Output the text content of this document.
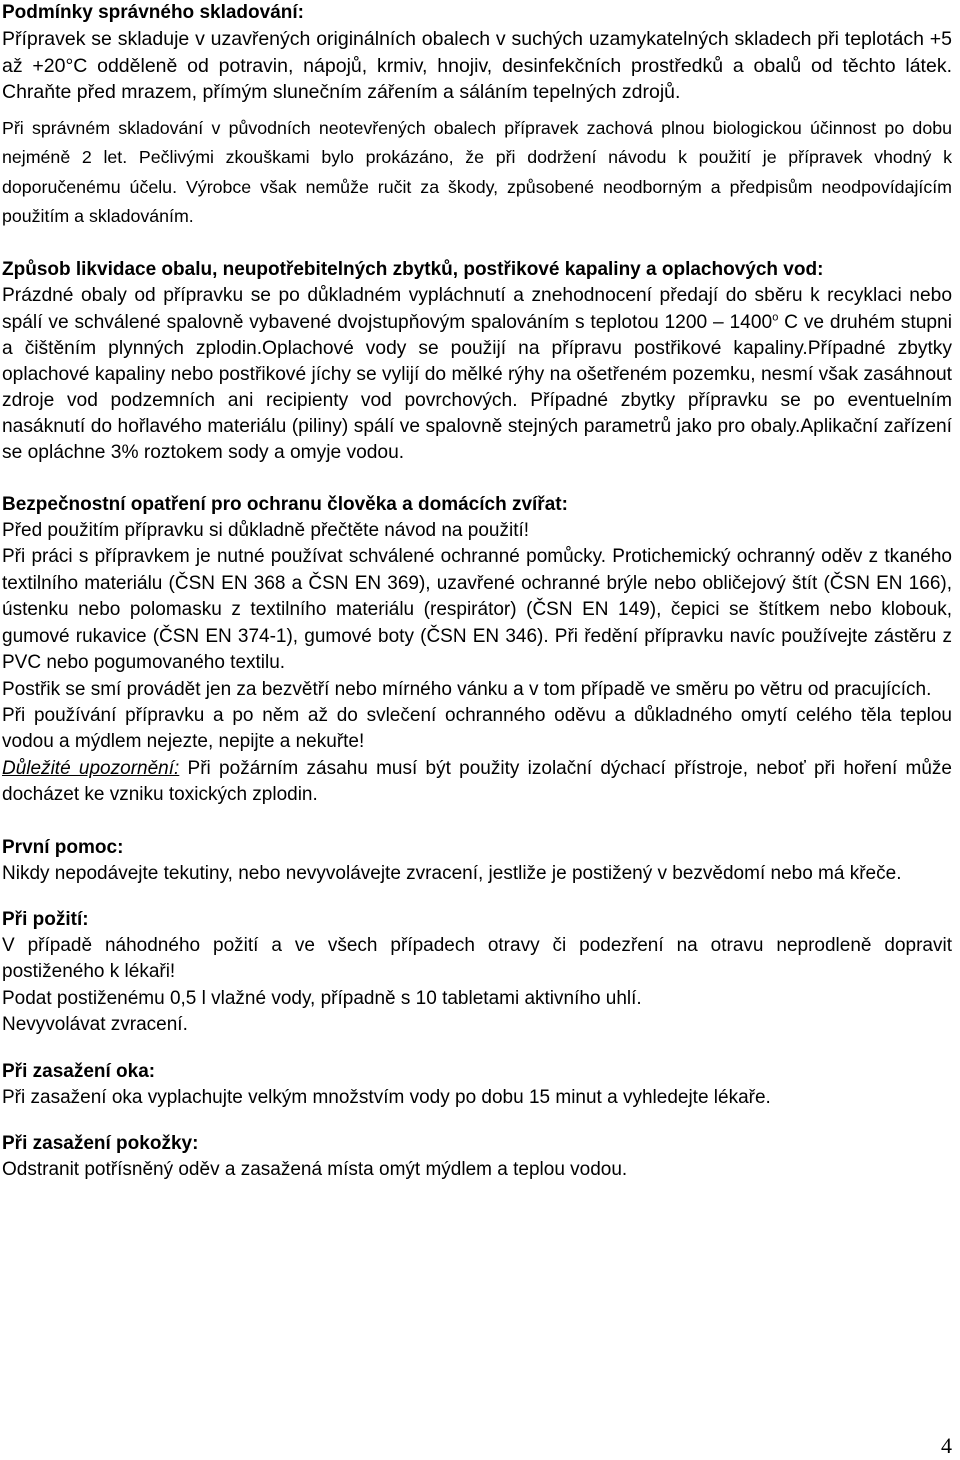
Podmínky správného skladování:

Přípravek se skladuje v uzavřených originálních obalech v suchých uzamykatelných skladech při teplotách +5 až +20°C odděleně od potravin, nápojů, krmiv, hnojiv, desinfekčních prostředků a obalů od těchto látek. Chraňte před mrazem, přímým slunečním zářením a sáláním tepelných zdrojů.

Při správném skladování v původních neotevřených obalech přípravek zachová plnou biologickou účinnost po dobu nejméně 2 let. Pečlivými zkouškami bylo prokázáno, že při dodržení návodu k použití je přípravek vhodný k doporučenému účelu. Výrobce však nemůže ručit za škody, způsobené neodborným a předpisům neodpovídajícím použitím a skladováním.

Způsob likvidace obalu, neupotřebitelných zbytků, postřikové kapaliny a oplachových vod:

Prázdné obaly od přípravku se po důkladném vypláchnutí a znehodnocení předají do sběru k recyklaci nebo spálí ve schválené spalovně vybavené dvojstupňovým spalováním s teplotou 1200 – 1400$^o$ C ve druhém stupni a čištěním plynných zplodin.Oplachové vody se použijí na přípravu postřikové kapaliny.Případné zbytky oplachové kapaliny nebo postřikové jíchy se vylijí do mělké rýhy na ošetřeném pozemku, nesmí však zasáhnout zdroje vod podzemních ani recipienty vod povrchových. Případné zbytky přípravku se po eventuelním nasáknutí do hořlavého materiálu (piliny) spálí ve spalovně stejných parametrů jako pro obaly.Aplikační zařízení se opláchne 3% roztokem sody a omyje vodou.

Bezpečnostní opatření pro ochranu člověka a domácích zvířat:

Před použitím přípravku si důkladně přečtěte návod na použití!

Při práci s přípravkem je nutné používat schválené ochranné pomůcky. Protichemický ochranný oděv z tkaného textilního materiálu (ČSN EN 368 a ČSN EN 369), uzavřené ochranné brýle nebo obličejový štít (ČSN EN 166), ústenku nebo polomasku z textilního materiálu (respirátor) (ČSN EN 149), čepici se štítkem nebo klobouk, gumové rukavice (ČSN EN 374-1), gumové boty (ČSN EN 346). Při ředění přípravku navíc používejte zástěru z PVC nebo pogumovaného textilu.

Postřik se smí provádět jen za bezvětří nebo mírného vánku a v tom případě ve směru po větru od pracujících.

Při používání přípravku a po něm až do svlečení ochranného oděvu a důkladného omytí celého těla teplou vodou a mýdlem nejezte, nepijte a nekuřte!

Důležité upozornění: Při požárním zásahu musí být použity izolační dýchací přístroje, neboť při hoření může docházet ke vzniku toxických zplodin.

První pomoc:

Nikdy nepodávejte tekutiny, nebo nevyvolávejte zvracení, jestliže je postižený v bezvědomí nebo má křeče.

Při požití:

V případě náhodného požití a ve všech případech otravy či podezření na otravu neprodleně dopravit postiženého k lékaři!

Podat postiženému 0,5 l vlažné vody, případně s 10 tabletami aktivního uhlí.

Nevyvolávat zvracení.

Při zasažení oka:

Při zasažení oka vyplachujte velkým množstvím vody po dobu 15 minut a vyhledejte lékaře.

Při zasažení pokožky:

Odstranit potřísněný oděv a zasažená místa omýt mýdlem a teplou vodou.

4
